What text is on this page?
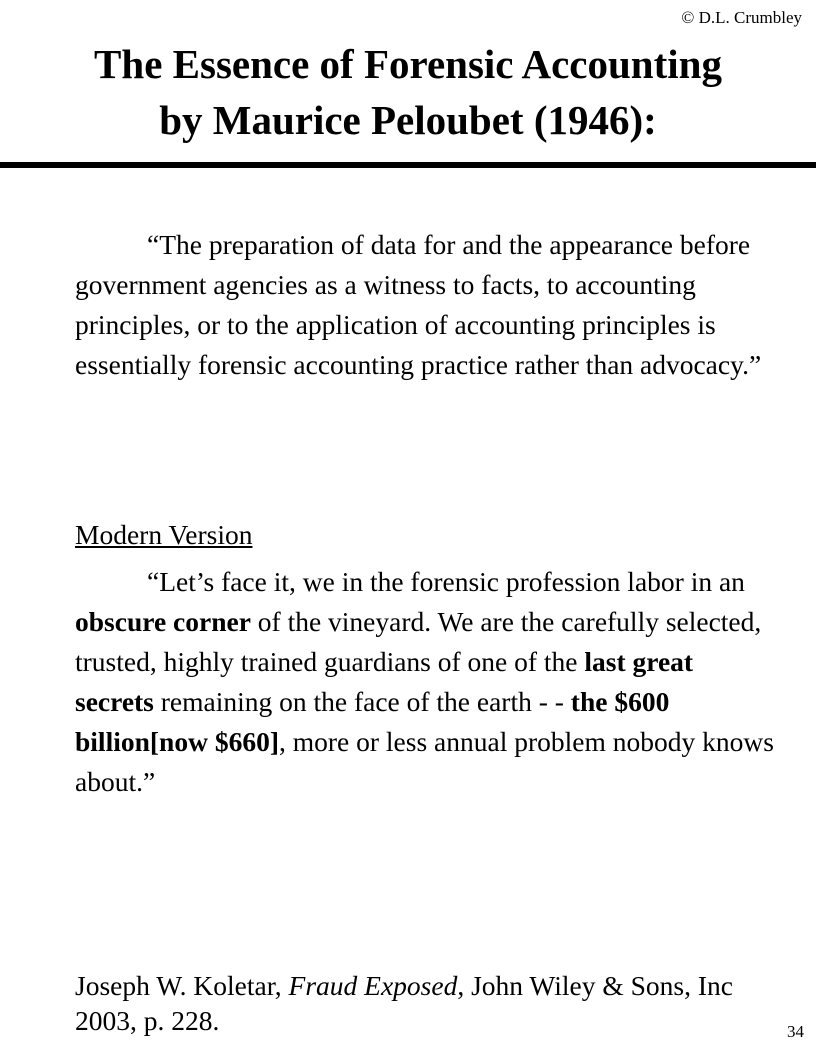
© D.L. Crumbley
The Essence of Forensic Accounting
by Maurice Peloubet (1946):

“The preparation of data for and the appearance before government agencies as a witness to facts, to accounting principles, or to the application of accounting principles is essentially forensic accounting practice rather than advocacy.”

Modern Version

“Let’s face it, we in the forensic profession labor in an obscure corner of the vineyard. We are the carefully selected, trusted, highly trained guardians of one of the last great secrets remaining on the face of the earth - - the $600 billion[now $660], more or less annual problem nobody knows about.”

Joseph W. Koletar, Fraud Exposed, John Wiley & Sons, Inc 2003, p. 228.	34
